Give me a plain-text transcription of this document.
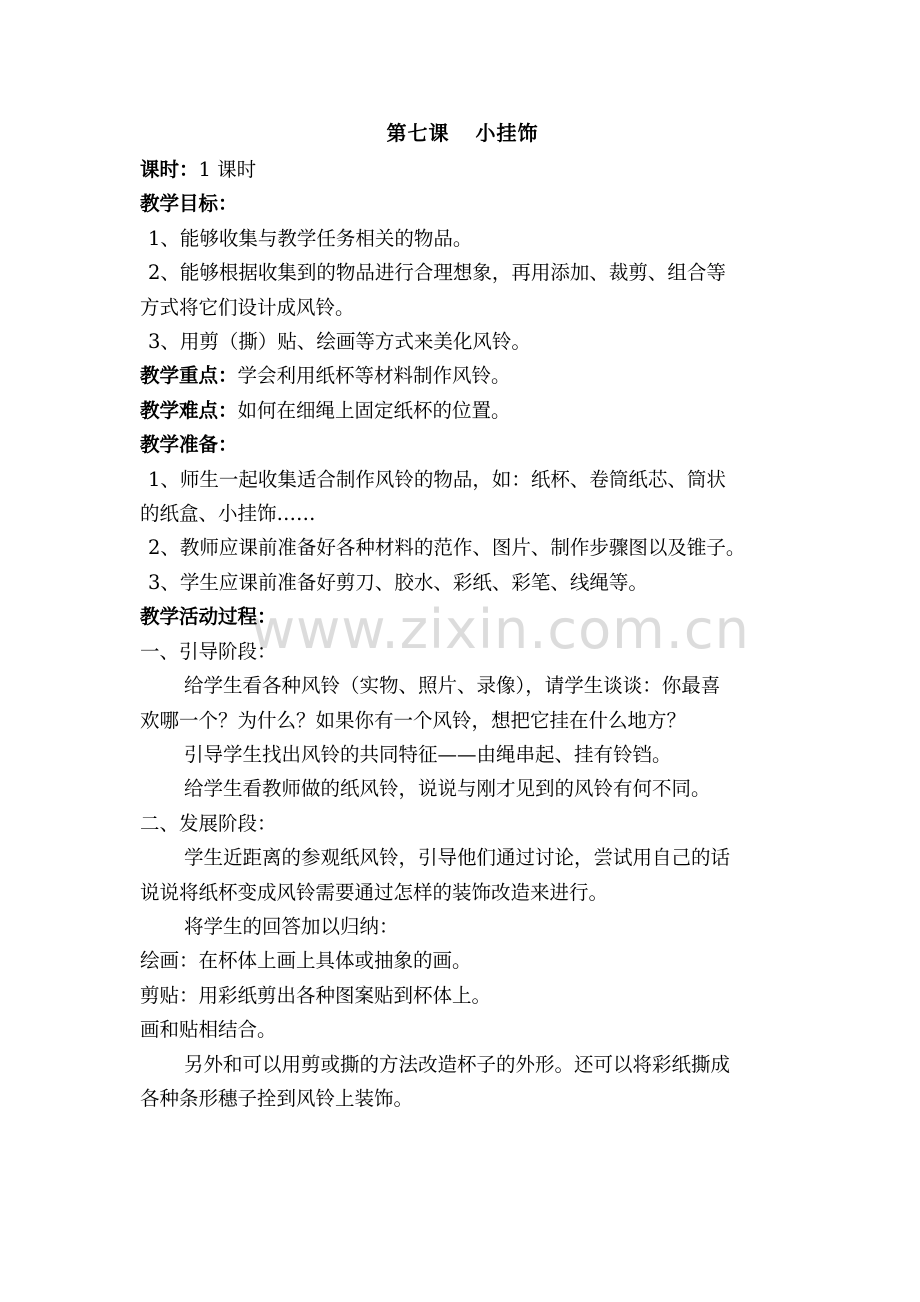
www.zixin.com.cn
第七课 小挂饰

课时：1 课时

教学目标：

1、能够收集与教学任务相关的物品。

2、能够根据收集到的物品进行合理想象，再用添加、裁剪、组合等

方式将它们设计成风铃。

3、用剪（撕）贴、绘画等方式来美化风铃。

教学重点：学会利用纸杯等材料制作风铃。

教学难点：如何在细绳上固定纸杯的位置。

教学准备：

1、师生一起收集适合制作风铃的物品，如：纸杯、卷筒纸芯、筒状

的纸盒、小挂饰……

2、教师应课前准备好各种材料的范作、图片、制作步骤图以及锥子。

3、学生应课前准备好剪刀、胶水、彩纸、彩笔、线绳等。

教学活动过程：

一、引导阶段：

给学生看各种风铃（实物、照片、录像），请学生谈谈：你最喜

欢哪一个？为什么？如果你有一个风铃，想把它挂在什么地方？

引导学生找出风铃的共同特征——由绳串起、挂有铃铛。

给学生看教师做的纸风铃，说说与刚才见到的风铃有何不同。

二、发展阶段：

学生近距离的参观纸风铃，引导他们通过讨论，尝试用自己的话

说说将纸杯变成风铃需要通过怎样的装饰改造来进行。

将学生的回答加以归纳：

绘画：在杯体上画上具体或抽象的画。

剪贴：用彩纸剪出各种图案贴到杯体上。

画和贴相结合。

另外和可以用剪或撕的方法改造杯子的外形。还可以将彩纸撕成

各种条形穗子拴到风铃上装饰。
